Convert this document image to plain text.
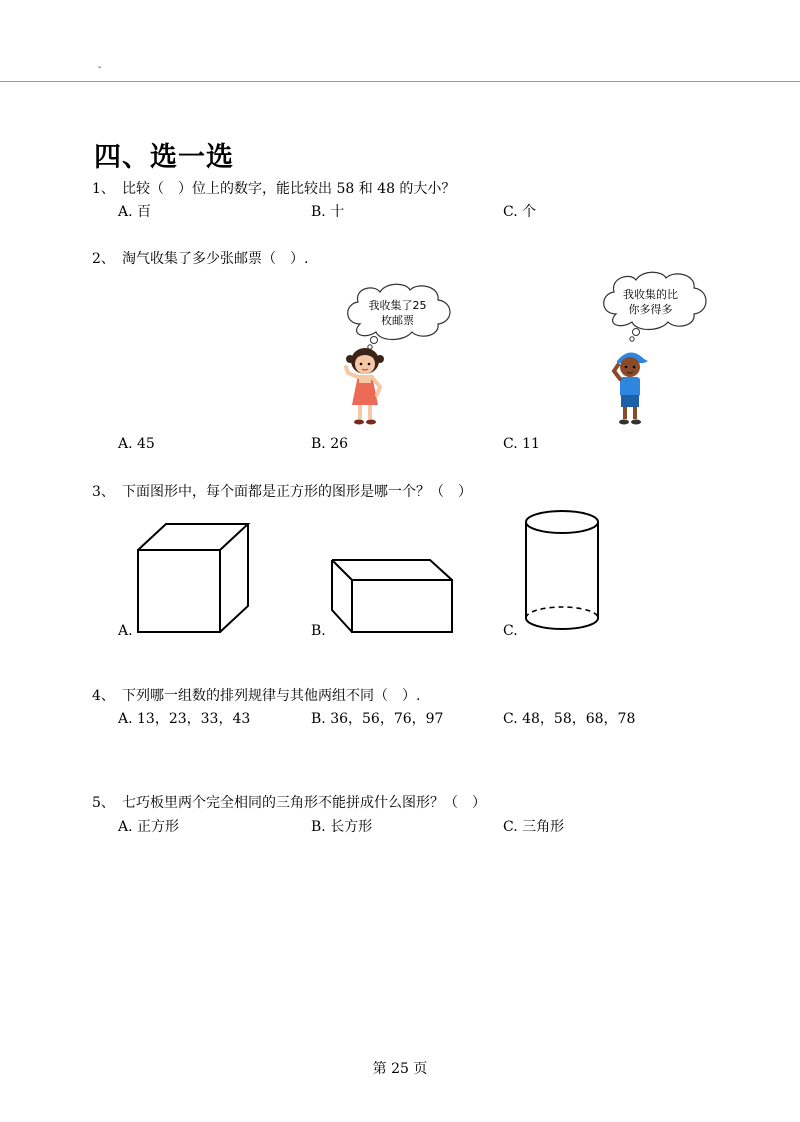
-
四、选一选
1、 比较（　）位上的数字，能比较出 58 和 48 的大小？
A. 百	B. 十	C. 个
2、 淘气收集了多少张邮票（　）.
我收集了25
枚邮票
我收集的比
你多得多
A. 45	B. 26	C. 11
3、 下面图形中，每个面都是正方形的图形是哪一个？（　）
A.	B.	C.
4、 下列哪一组数的排列规律与其他两组不同（　）.
A. 13，23，33，43	B. 36，56，76，97	C. 48，58，68，78
5、 七巧板里两个完全相同的三角形不能拼成什么图形？（　）
A. 正方形	B. 长方形	C. 三角形
第 25 页
